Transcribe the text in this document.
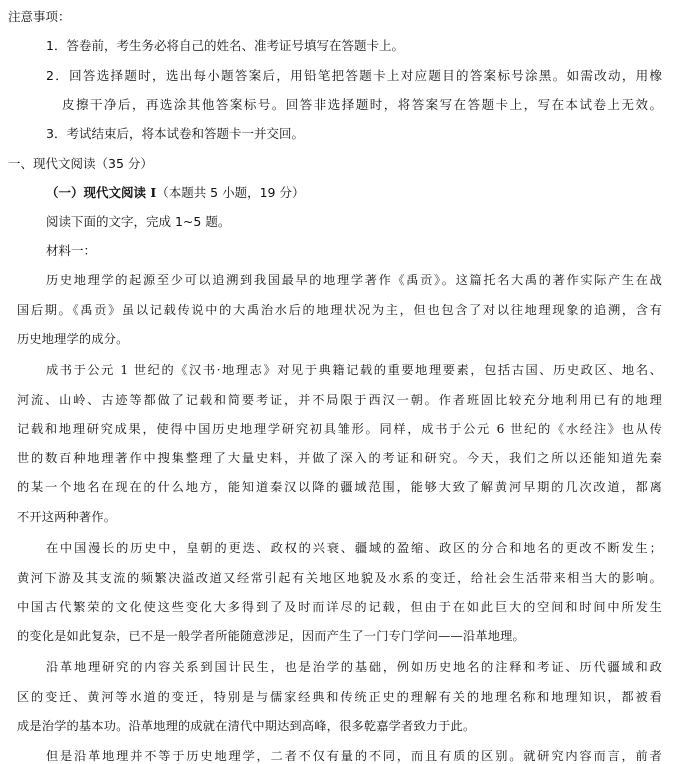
注意事项：
1．答卷前，考生务必将自己的姓名、准考证号填写在答题卡上。
2．回答选择题时，选出每小题答案后，用铅笔把答题卡上对应题目的答案标号涂黑。如需改动，用橡
皮擦干净后，再选涂其他答案标号。回答非选择题时，将答案写在答题卡上，写在本试卷上无效。
3．考试结束后，将本试卷和答题卡一并交回。
一、现代文阅读（35 分）
（一）现代文阅读 I（本题共 5 小题，19 分）
阅读下面的文字，完成 1~5 题。
材料一：
历史地理学的起源至少可以追溯到我国最早的地理学著作《禹贡》。这篇托名大禹的著作实际产生在战
国后期。《禹贡》虽以记载传说中的大禹治水后的地理状况为主，但也包含了对以往地理现象的追溯，含有
历史地理学的成分。
成书于公元 1 世纪的《汉书·地理志》对见于典籍记载的重要地理要素，包括古国、历史政区、地名、
河流、山岭、古迹等都做了记载和简要考证，并不局限于西汉一朝。作者班固比较充分地利用已有的地理
记载和地理研究成果，使得中国历史地理学研究初具雏形。同样，成书于公元 6 世纪的《水经注》也从传
世的数百种地理著作中搜集整理了大量史料，并做了深入的考证和研究。今天，我们之所以还能知道先秦
的某一个地名在现在的什么地方，能知道秦汉以降的疆域范围，能够大致了解黄河早期的几次改道，都离
不开这两种著作。
在中国漫长的历史中，皇朝的更迭、政权的兴衰、疆域的盈缩、政区的分合和地名的更改不断发生；
黄河下游及其支流的频繁决溢改道又经常引起有关地区地貌及水系的变迁，给社会生活带来相当大的影响。
中国古代繁荣的文化使这些变化大多得到了及时而详尽的记载，但由于在如此巨大的空间和时间中所发生
的变化是如此复杂，已不是一般学者所能随意涉足，因而产生了一门专门学问——沿革地理。
沿革地理研究的内容关系到国计民生，也是治学的基础，例如历史地名的注释和考证、历代疆域和政
区的变迁、黄河等水道的变迁，特别是与儒家经典和传统正史的理解有关的地理名称和地理知识，都被看
成是治学的基本功。沿革地理的成就在清代中期达到高峰，很多乾嘉学者致力于此。
但是沿革地理并不等于历史地理学，二者不仅有量的不同，而且有质的区别。就研究内容而言，前者
